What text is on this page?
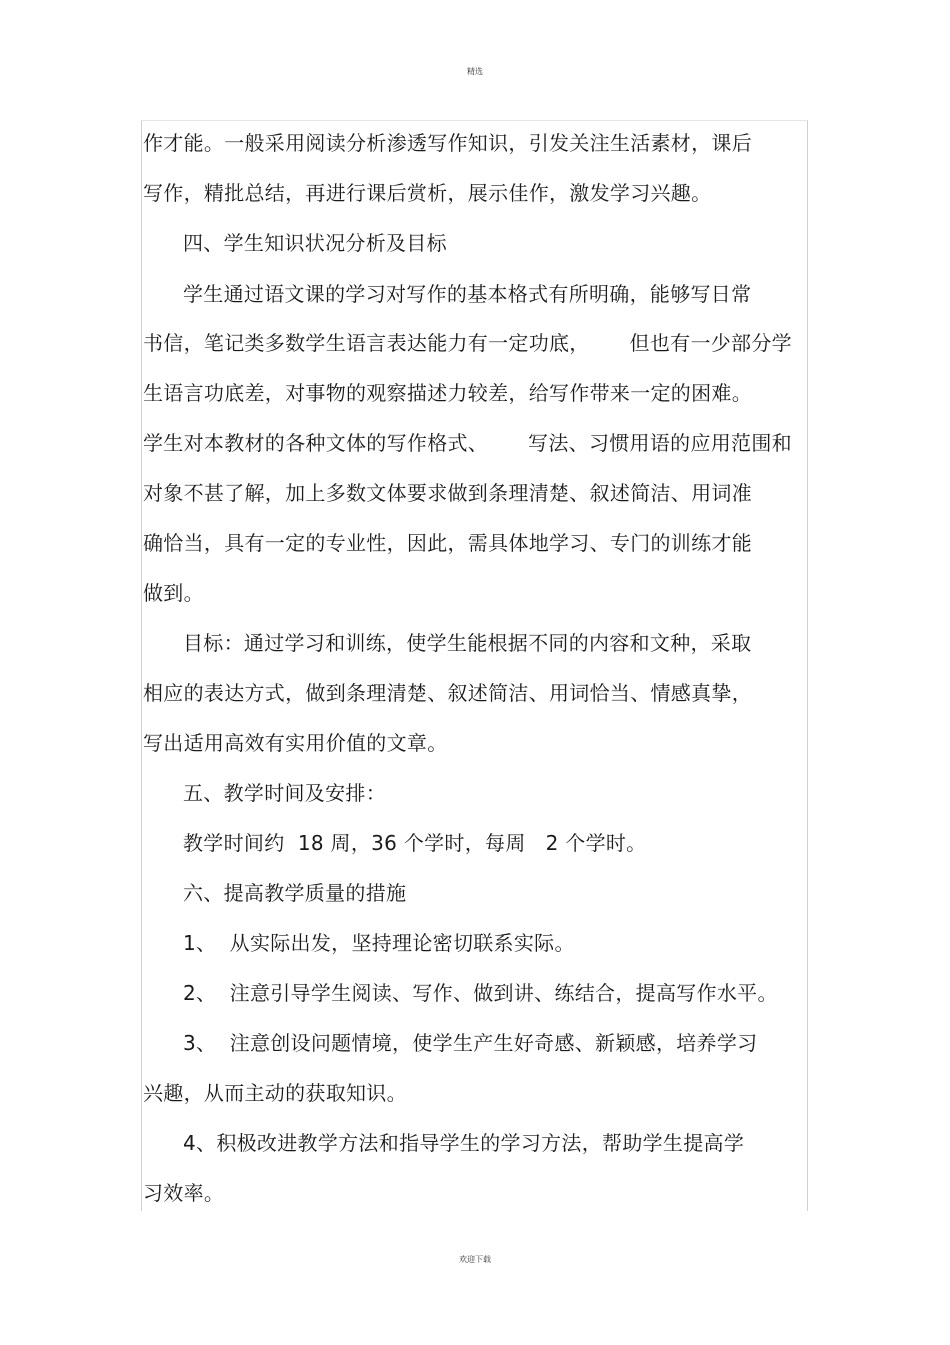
精选
作才能。一般采用阅读分析渗透写作知识，引发关注生活素材，课后
写作，精批总结，再进行课后赏析，展示佳作，激发学习兴趣。
四、学生知识状况分析及目标
学生通过语文课的学习对写作的基本格式有所明确，能够写日常
书信，笔记类多数学生语言表达能力有一定功底，      但也有一少部分学
生语言功底差，对事物的观察描述力较差，给写作带来一定的困难。
学生对本教材的各种文体的写作格式、      写法、习惯用语的应用范围和
对象不甚了解，加上多数文体要求做到条理清楚、叙述简洁、用词准
确恰当，具有一定的专业性，因此，需具体地学习、专门的训练才能
做到。
目标：通过学习和训练，使学生能根据不同的内容和文种，采取
相应的表达方式，做到条理清楚、叙述简洁、用词恰当、情感真挚，
写出适用高效有实用价值的文章。
五、教学时间及安排：
教学时间约  18 周，36 个学时，每周   2 个学时。
六、提高教学质量的措施
1、  从实际出发，坚持理论密切联系实际。
2、  注意引导学生阅读、写作、做到讲、练结合，提高写作水平。
3、  注意创设问题情境，使学生产生好奇感、新颖感，培养学习
兴趣，从而主动的获取知识。
4、积极改进教学方法和指导学生的学习方法，帮助学生提高学
习效率。
欢迎下载
